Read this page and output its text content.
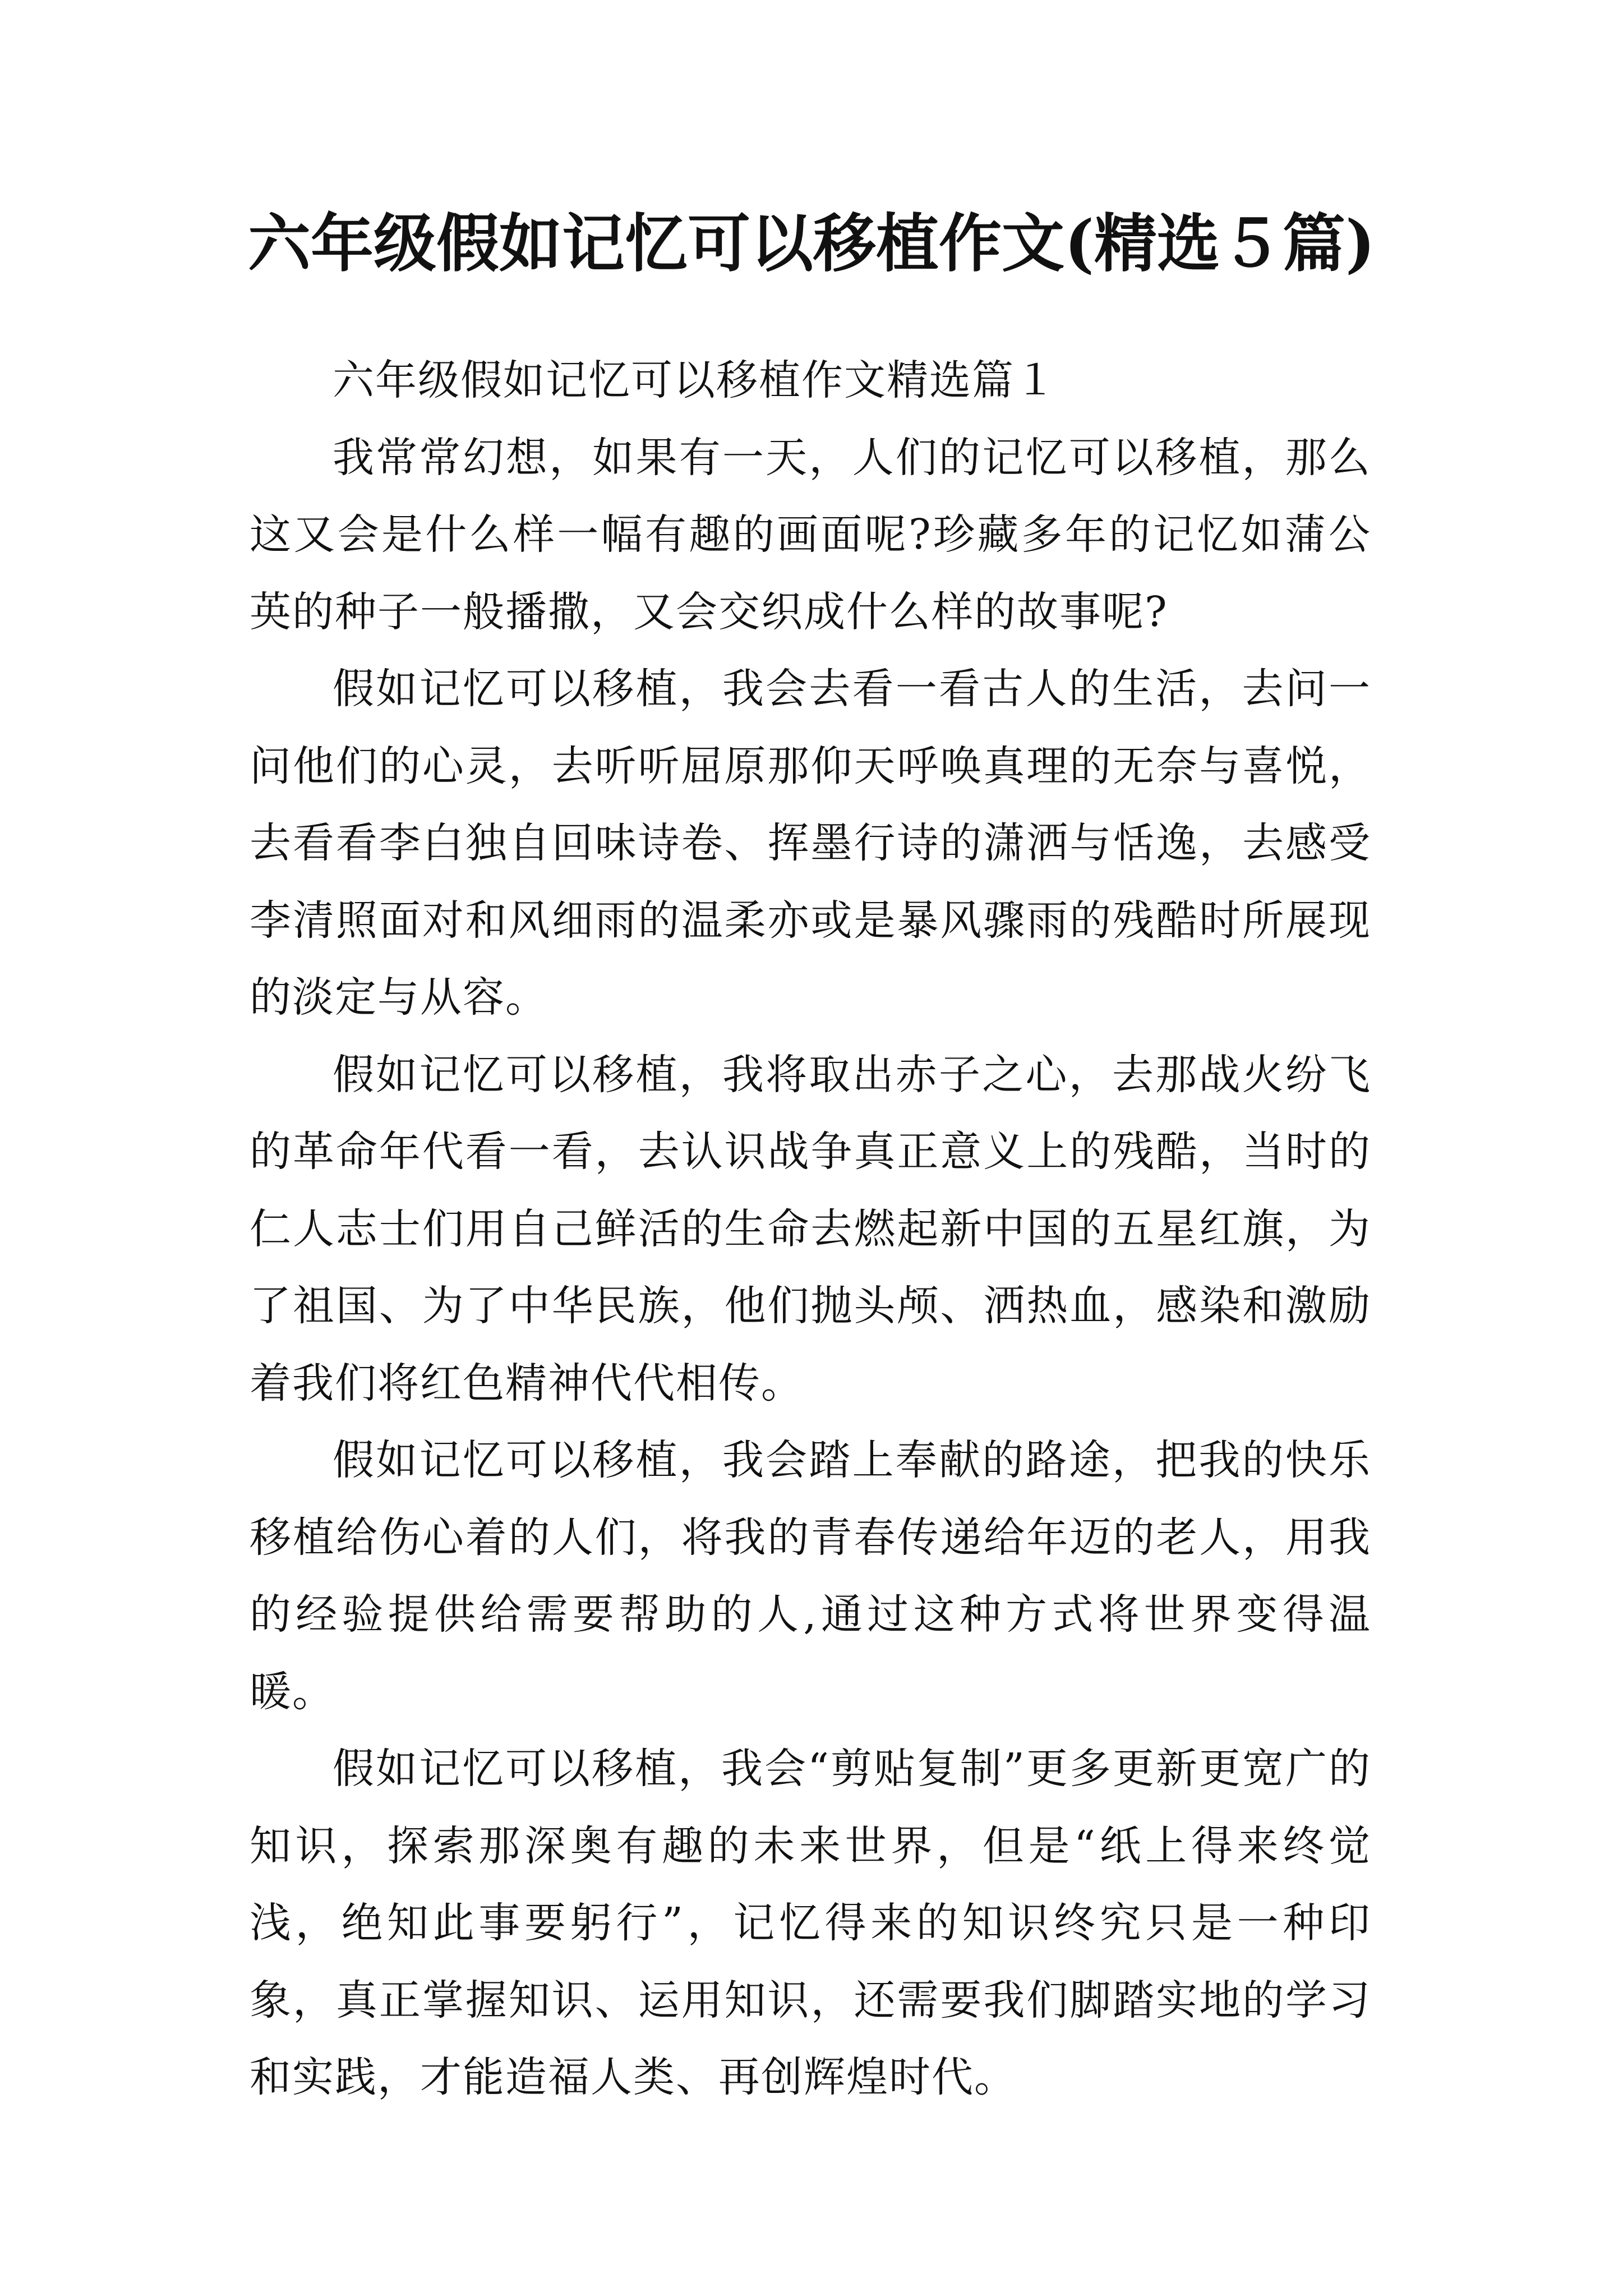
六年级假如记忆可以移植作文(精选５篇)

六年级假如记忆可以移植作文精选篇１

我常常幻想，如果有一天，人们的记忆可以移植，那么这又会是什么样一幅有趣的画面呢?珍藏多年的记忆如蒲公英的种子一般播撒，又会交织成什么样的故事呢?

假如记忆可以移植，我会去看一看古人的生活，去问一问他们的心灵，去听听屈原那仰天呼唤真理的无奈与喜悦，去看看李白独自回味诗卷、挥墨行诗的潇洒与恬逸，去感受李清照面对和风细雨的温柔亦或是暴风骤雨的残酷时所展现的淡定与从容。

假如记忆可以移植，我将取出赤子之心，去那战火纷飞的革命年代看一看，去认识战争真正意义上的残酷，当时的仁人志士们用自己鲜活的生命去燃起新中国的五星红旗，为了祖国、为了中华民族，他们抛头颅、洒热血，感染和激励着我们将红色精神代代相传。

假如记忆可以移植，我会踏上奉献的路途，把我的快乐移植给伤心着的人们，将我的青春传递给年迈的老人，用我的经验提供给需要帮助的人,通过这种方式将世界变得温暖。

假如记忆可以移植，我会“剪贴复制”更多更新更宽广的知识，探索那深奥有趣的未来世界，但是“纸上得来终觉浅，绝知此事要躬行”，记忆得来的知识终究只是一种印象，真正掌握知识、运用知识，还需要我们脚踏实地的学习和实践，才能造福人类、再创辉煌时代。
